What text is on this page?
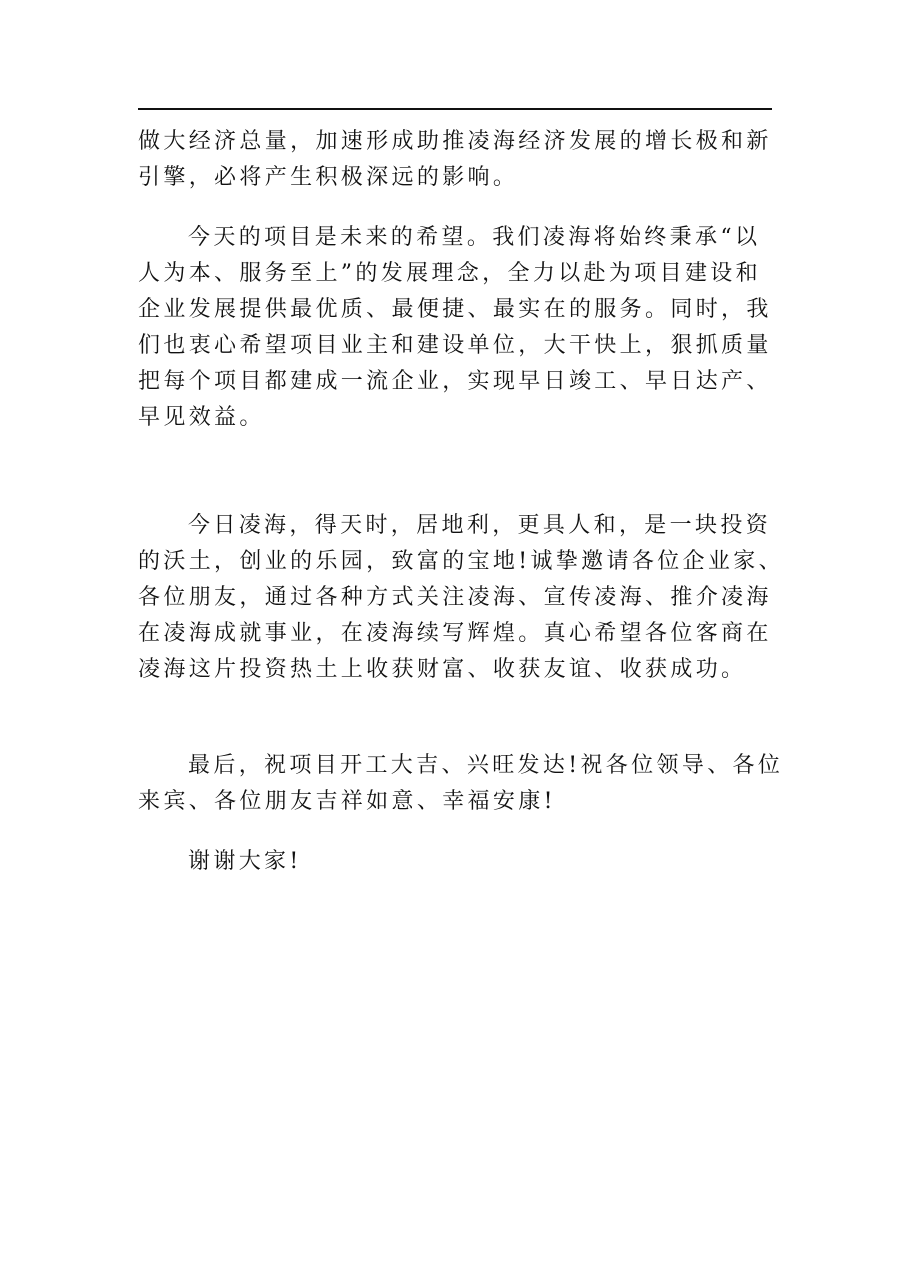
做大经济总量，加速形成助推凌海经济发展的增长极和新
引擎，必将产生积极深远的影响。

今天的项目是未来的希望。我们凌海将始终秉承“以
人为本、服务至上”的发展理念，全力以赴为项目建设和
企业发展提供最优质、最便捷、最实在的服务。同时，我
们也衷心希望项目业主和建设单位，大干快上，狠抓质量
把每个项目都建成一流企业，实现早日竣工、早日达产、
早见效益。

今日凌海，得天时，居地利，更具人和，是一块投资
的沃土，创业的乐园，致富的宝地!诚挚邀请各位企业家、
各位朋友，通过各种方式关注凌海、宣传凌海、推介凌海
在凌海成就事业，在凌海续写辉煌。真心希望各位客商在
凌海这片投资热土上收获财富、收获友谊、收获成功。

最后，祝项目开工大吉、兴旺发达!祝各位领导、各位
来宾、各位朋友吉祥如意、幸福安康!

谢谢大家!
